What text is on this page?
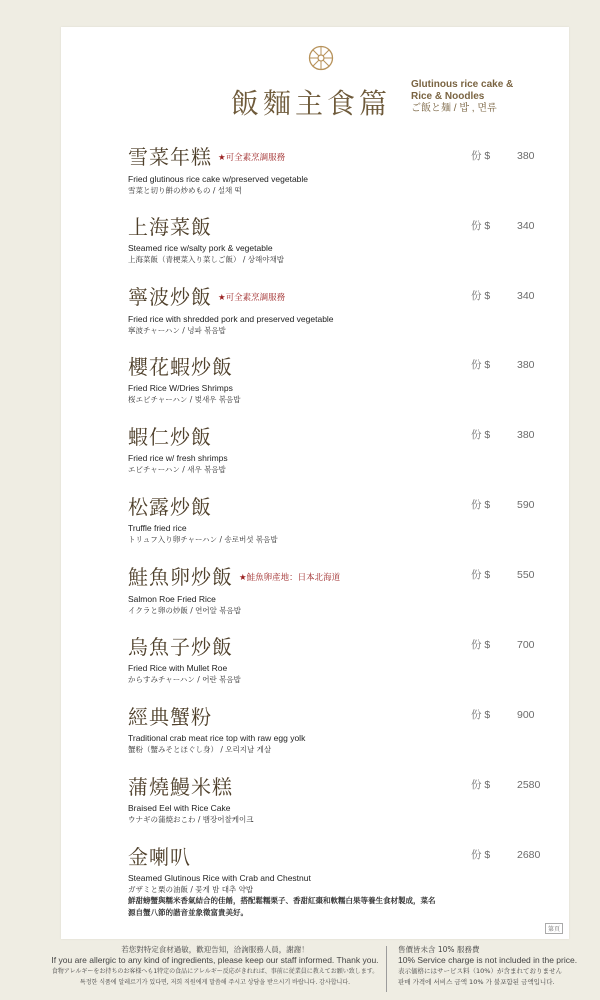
飯麵主食篇
Glutinous rice cake &
Rice & Noodles
ご飯と麺 / 밥 , 면류
雪菜年糕 $^{★可全素烹調服務}$
Fried glutinous rice cake w/preserved vegetable
雪菜と切り餅の炒めもの / 설채 떡
份 $	380
上海菜飯
Steamed rice w/salty pork & vegetable
上海菜飯（青梗菜入り菜しご飯） / 상해야채밥
份 $	340
寧波炒飯 $^{★可全素烹調服務}$
Fried rice with shredded pork and preserved vegetable
寧波チャーハン / 녕파 볶음밥
份 $	340
櫻花蝦炒飯
Fried Rice W/Dries Shrimps
桜エビチャーハン / 벚새우 볶음밥
份 $	380
蝦仁炒飯
Fried rice w/ fresh shrimps
エビチャーハン / 새우 볶음밥
份 $	380
松露炒飯
Truffle fried rice
トリュフ入り卵チャーハン / 송로버섯 볶음밥
份 $	590
鮭魚卵炒飯 $^{★鮭魚卵產地:日本北海道}$
Salmon Roe Fried Rice
イクラと卵の炒飯 / 연어알 볶음밥
份 $	550
烏魚子炒飯
Fried Rice with Mullet Roe
からすみチャーハン / 어란 볶음밥
份 $	700
經典蟹粉
Traditional crab meat rice top with raw egg yolk
蟹粉（蟹みそとほぐし身） / 오리지날 게살
份 $	900
蒲燒鰻米糕
Braised Eel with Rice Cake
ウナギの蒲焼おこわ / 뱀장어찰케이크
份 $	2580
金喇叭
Steamed Glutinous Rice with Crab and Chestnut
ガザミと栗の油飯 / 꽃게 밤 대추 약밥
鮮甜螃蟹與糯米香氣結合的佳餚，搭配鬆糯栗子、香甜紅棗和軟糯白果等養生食材製成，菜名源自蟹八節的諧音並象徵富貴美好。
份 $	2680
第頁
若您對特定食材過敏，歡迎告知，洽詢服務人員，謝謝！
If you are allergic to any kind of ingredients, please keep our staff informed. Thank you.
食物アレルギーをお持ちのお客様へも1特定の食品にアレルギー反応がきれれば、事前に従業員に教えてお願い致します。
특정한 식품에 알레르기가 있다면, 저희 직원에게 말씀해 주시고 상담을 받으시기 바랍니다. 감사합니다.
售價皆未含 10% 服務費
10% Service charge is not included in the price.
表示価格にはサービス料（10%）が含まれておりません
판매 가격에 서비스 금액 10% 가 불포함된 금액입니다.
